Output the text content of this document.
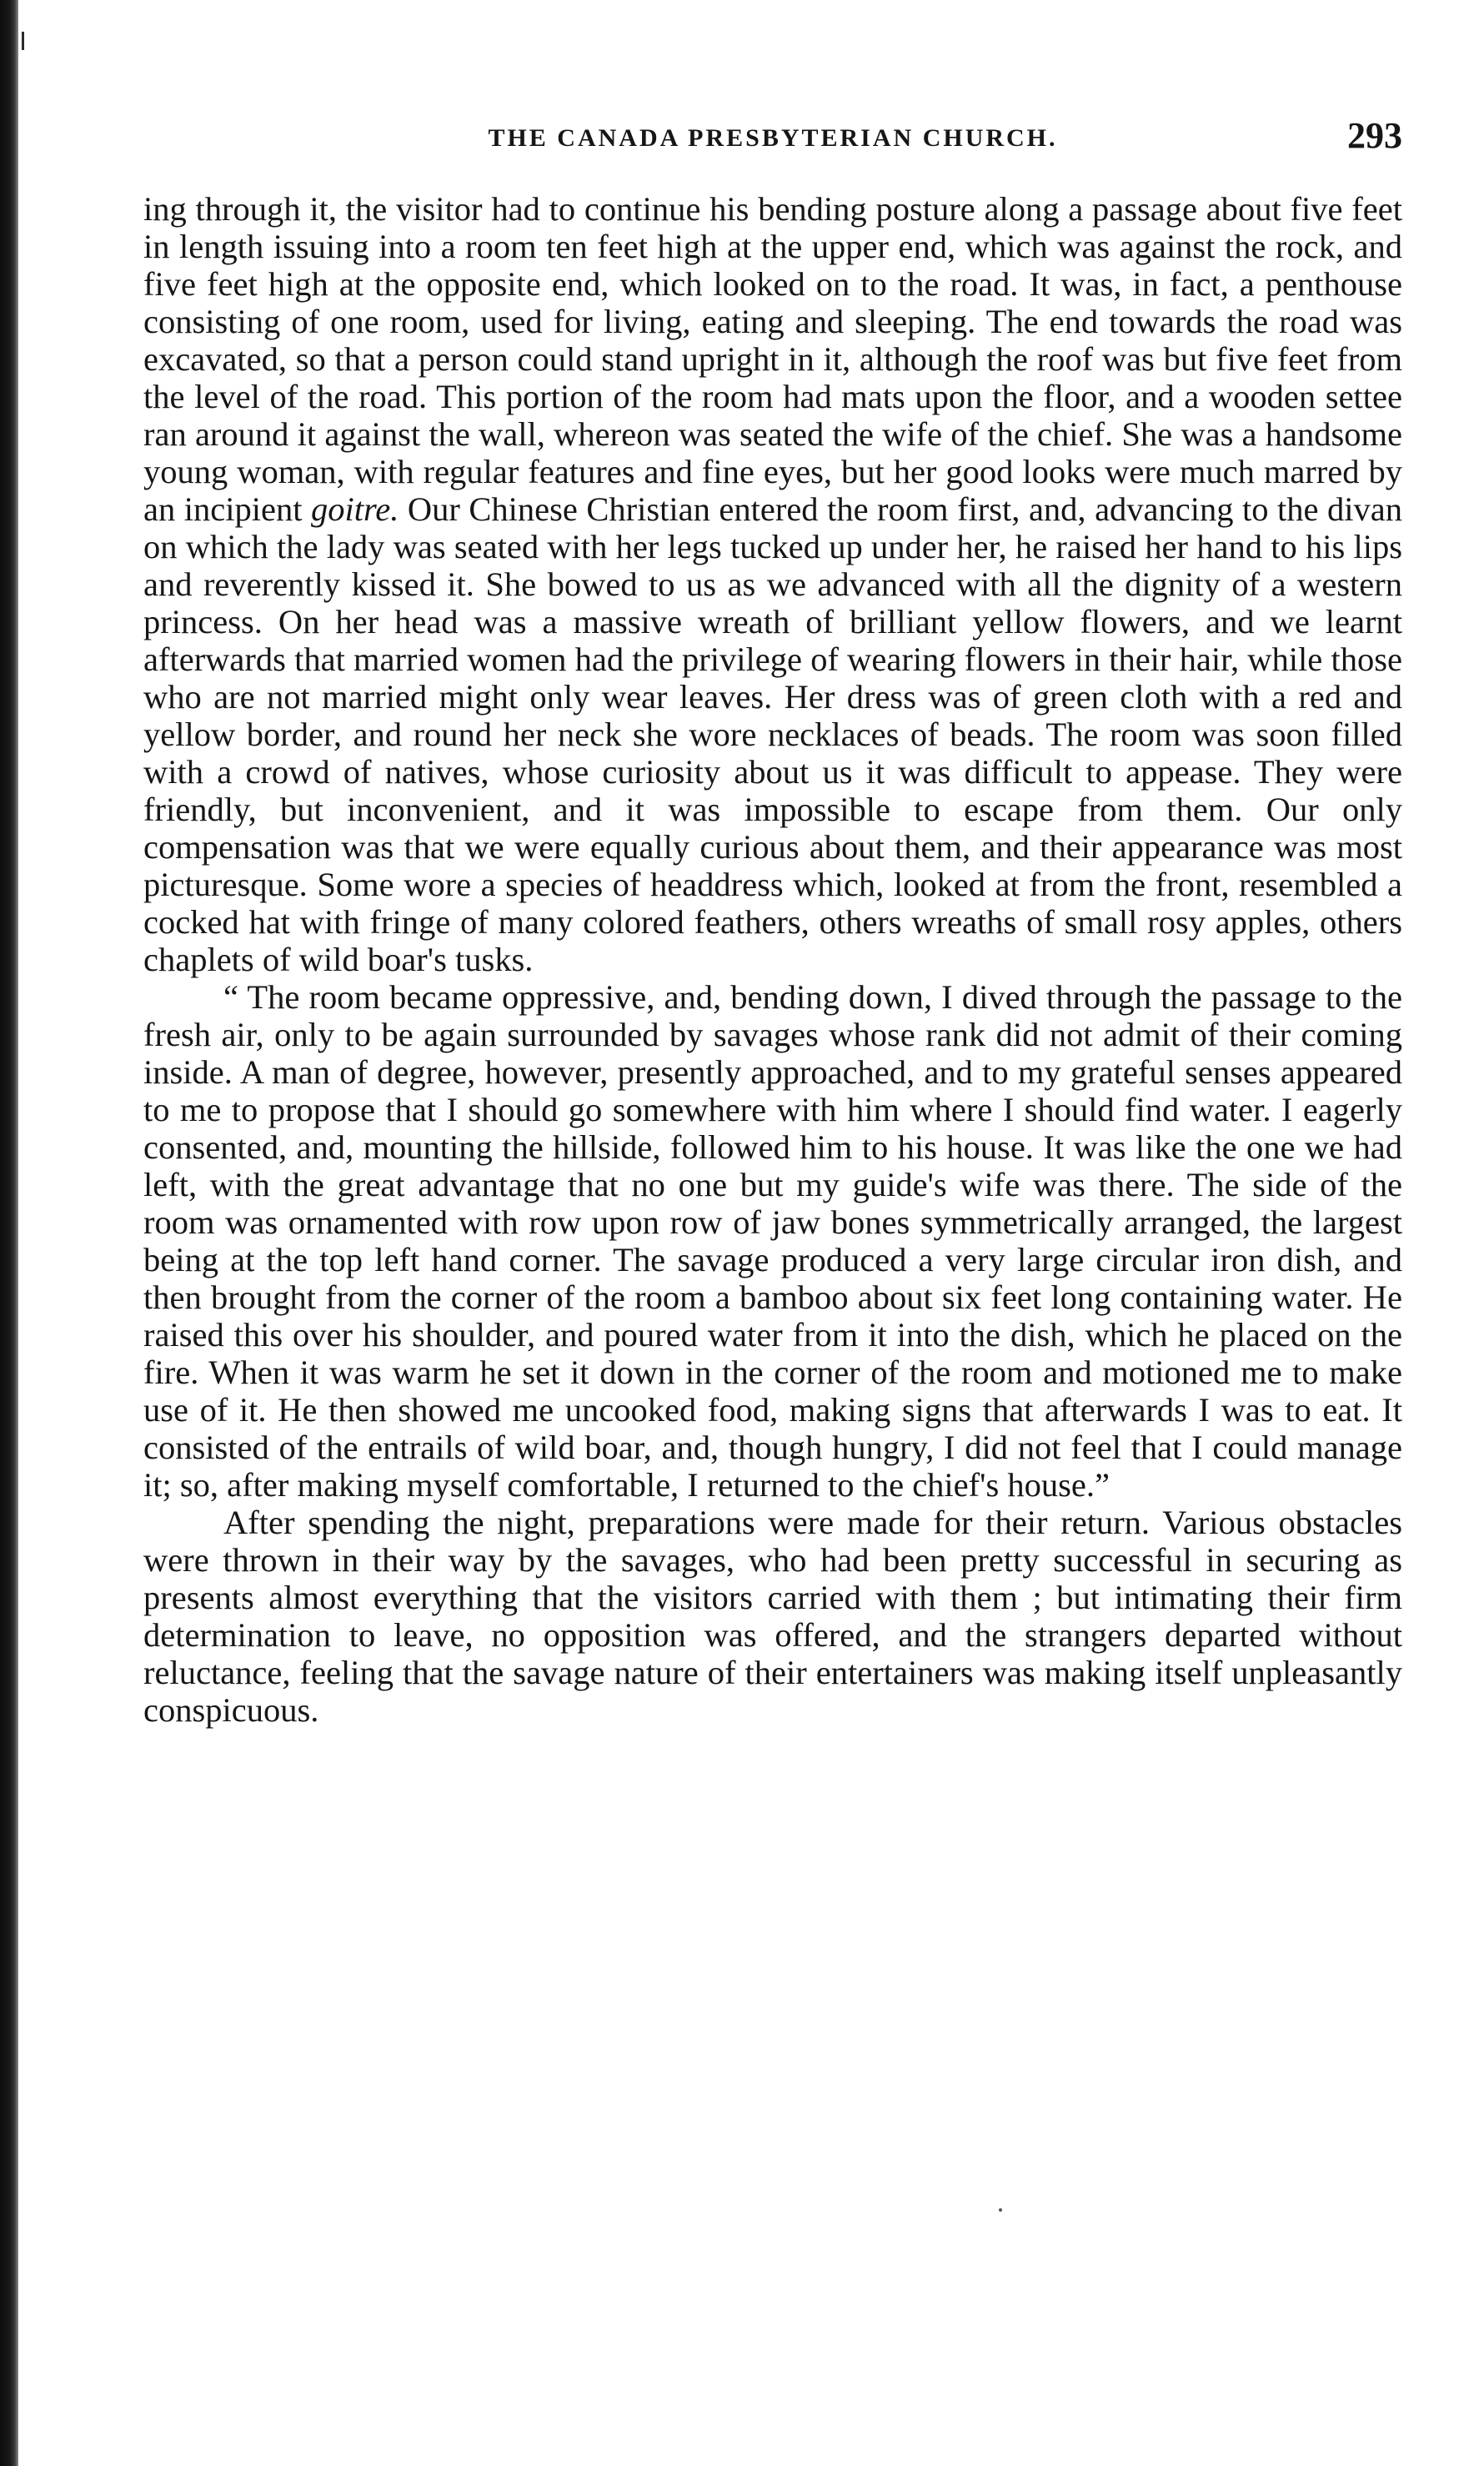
THE CANADA PRESBYTERIAN CHURCH.	293

ing through it, the visitor had to continue his bending posture along a passage about five feet in length issuing into a room ten feet high at the upper end, which was against the rock, and five feet high at the opposite end, which looked on to the road. It was, in fact, a penthouse consisting of one room, used for living, eating and sleeping. The end towards the road was excavated, so that a person could stand upright in it, although the roof was but five feet from the level of the road. This portion of the room had mats upon the floor, and a wooden settee ran around it against the wall, whereon was seated the wife of the chief. She was a handsome young woman, with regular features and fine eyes, but her good looks were much marred by an incipient goitre. Our Chinese Christian entered the room first, and, advancing to the divan on which the lady was seated with her legs tucked up under her, he raised her hand to his lips and reverently kissed it. She bowed to us as we advanced with all the dignity of a western princess. On her head was a massive wreath of brilliant yellow flowers, and we learnt afterwards that married women had the privilege of wearing flowers in their hair, while those who are not married might only wear leaves. Her dress was of green cloth with a red and yellow border, and round her neck she wore necklaces of beads. The room was soon filled with a crowd of natives, whose curiosity about us it was difficult to appease. They were friendly, but inconvenient, and it was impossible to escape from them. Our only compensation was that we were equally curious about them, and their appearance was most picturesque. Some wore a species of headdress which, looked at from the front, resembled a cocked hat with fringe of many colored feathers, others wreaths of small rosy apples, others chaplets of wild boar's tusks.

“ The room became oppressive, and, bending down, I dived through the passage to the fresh air, only to be again surrounded by savages whose rank did not admit of their coming inside. A man of degree, however, presently approached, and to my grateful senses appeared to me to propose that I should go somewhere with him where I should find water. I eagerly consented, and, mounting the hillside, followed him to his house. It was like the one we had left, with the great advantage that no one but my guide's wife was there. The side of the room was ornamented with row upon row of jaw bones symmetrically arranged, the largest being at the top left hand corner. The savage produced a very large circular iron dish, and then brought from the corner of the room a bamboo about six feet long containing water. He raised this over his shoulder, and poured water from it into the dish, which he placed on the fire. When it was warm he set it down in the corner of the room and motioned me to make use of it. He then showed me uncooked food, making signs that afterwards I was to eat. It consisted of the entrails of wild boar, and, though hungry, I did not feel that I could manage it; so, after making myself comfortable, I returned to the chief's house.”

After spending the night, preparations were made for their return. Various obstacles were thrown in their way by the savages, who had been pretty successful in securing as presents almost everything that the visitors carried with them ; but intimating their firm determination to leave, no opposition was offered, and the strangers departed without reluctance, feeling that the savage nature of their entertainers was making itself unpleasantly conspicuous.
